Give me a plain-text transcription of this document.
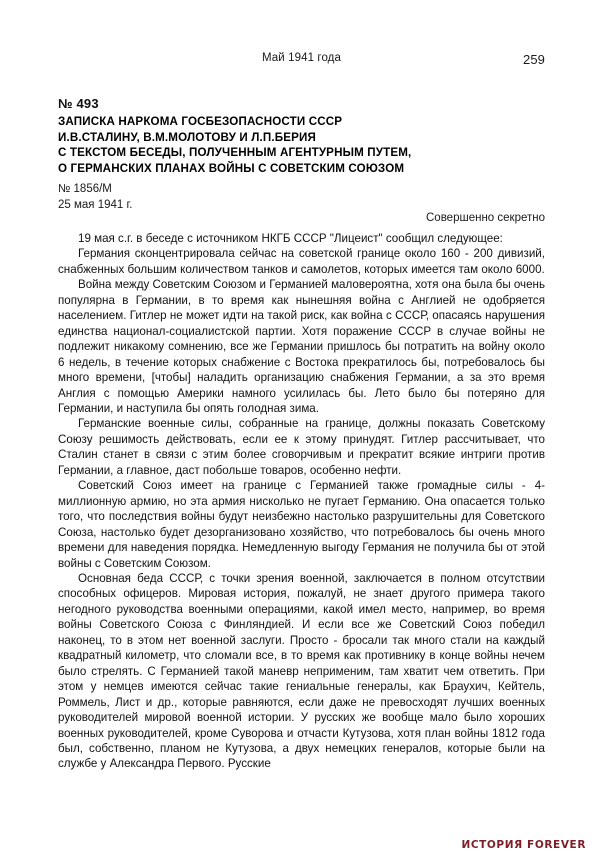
Май 1941 года	259
№ 493
ЗАПИСКА НАРКОМА ГОСБЕЗОПАСНОСТИ СССР
И.В.СТАЛИНУ, В.М.МОЛОТОВУ И Л.П.БЕРИЯ
С ТЕКСТОМ БЕСЕДЫ, ПОЛУЧЕННЫМ АГЕНТУРНЫМ ПУТЕМ,
О ГЕРМАНСКИХ ПЛАНАХ ВОЙНЫ С СОВЕТСКИМ СОЮЗОМ
№ 1856/М
25 мая 1941 г.
Совершенно секретно

19 мая с.г. в беседе с источником НКГБ СССР "Лицеист" сообщил следующее:

Германия сконцентрировала сейчас на советской границе около 160 - 200 дивизий, снабженных большим количеством танков и самолетов, которых имеется там около 6000.

Война между Советским Союзом и Германией маловероятна, хотя она была бы очень популярна в Германии, в то время как нынешняя война с Англией не одобряется населением. Гитлер не может идти на такой риск, как война с СССР, опасаясь нарушения единства национал-социалистской партии. Хотя поражение СССР в случае войны не подлежит никакому сомнению, все же Германии пришлось бы потратить на войну около 6 недель, в течение которых снабжение с Востока прекратилось бы, потребовалось бы много времени, [чтобы] наладить организацию снабжения Германии, а за это время Англия с помощью Америки намного усилилась бы. Лето было бы потеряно для Германии, и наступила бы опять голодная зима.

Германские военные силы, собранные на границе, должны показать Советскому Союзу решимость действовать, если ее к этому принудят. Гитлер рассчитывает, что Сталин станет в связи с этим более сговорчивым и прекратит всякие интриги против Германии, а главное, даст побольше товаров, особенно нефти.

Советский Союз имеет на границе с Германией также громадные силы - 4-миллионную армию, но эта армия нисколько не пугает Германию. Она опасается только того, что последствия войны будут неизбежно настолько разрушительны для Советского Союза, настолько будет дезорганизовано хозяйство, что потребовалось бы очень много времени для наведения порядка. Немедленную выгоду Германия не получила бы от этой войны с Советским Союзом.

Основная беда СССР, с точки зрения военной, заключается в полном отсутствии способных офицеров. Мировая история, пожалуй, не знает другого примера такого негодного руководства военными операциями, какой имел место, например, во время войны Советского Союза с Финляндией. И если все же Советский Союз победил наконец, то в этом нет военной заслуги. Просто - бросали так много стали на каждый квадратный километр, что сломали все, в то время как противнику в конце войны нечем было стрелять. С Германией такой маневр неприменим, там хватит чем ответить. При этом у немцев имеются сейчас такие гениальные генералы, как Браухич, Кейтель, Роммель, Лист и др., которые равняются, если даже не превосходят лучших военных руководителей мировой военной истории. У русских же вообще мало было хороших военных руководителей, кроме Суворова и отчасти Кутузова, хотя план войны 1812 года был, собственно, планом не Кутузова, а двух немецких генералов, которые были на службе у Александра Первого. Русские

ИСТОРИЯ FOREVER
